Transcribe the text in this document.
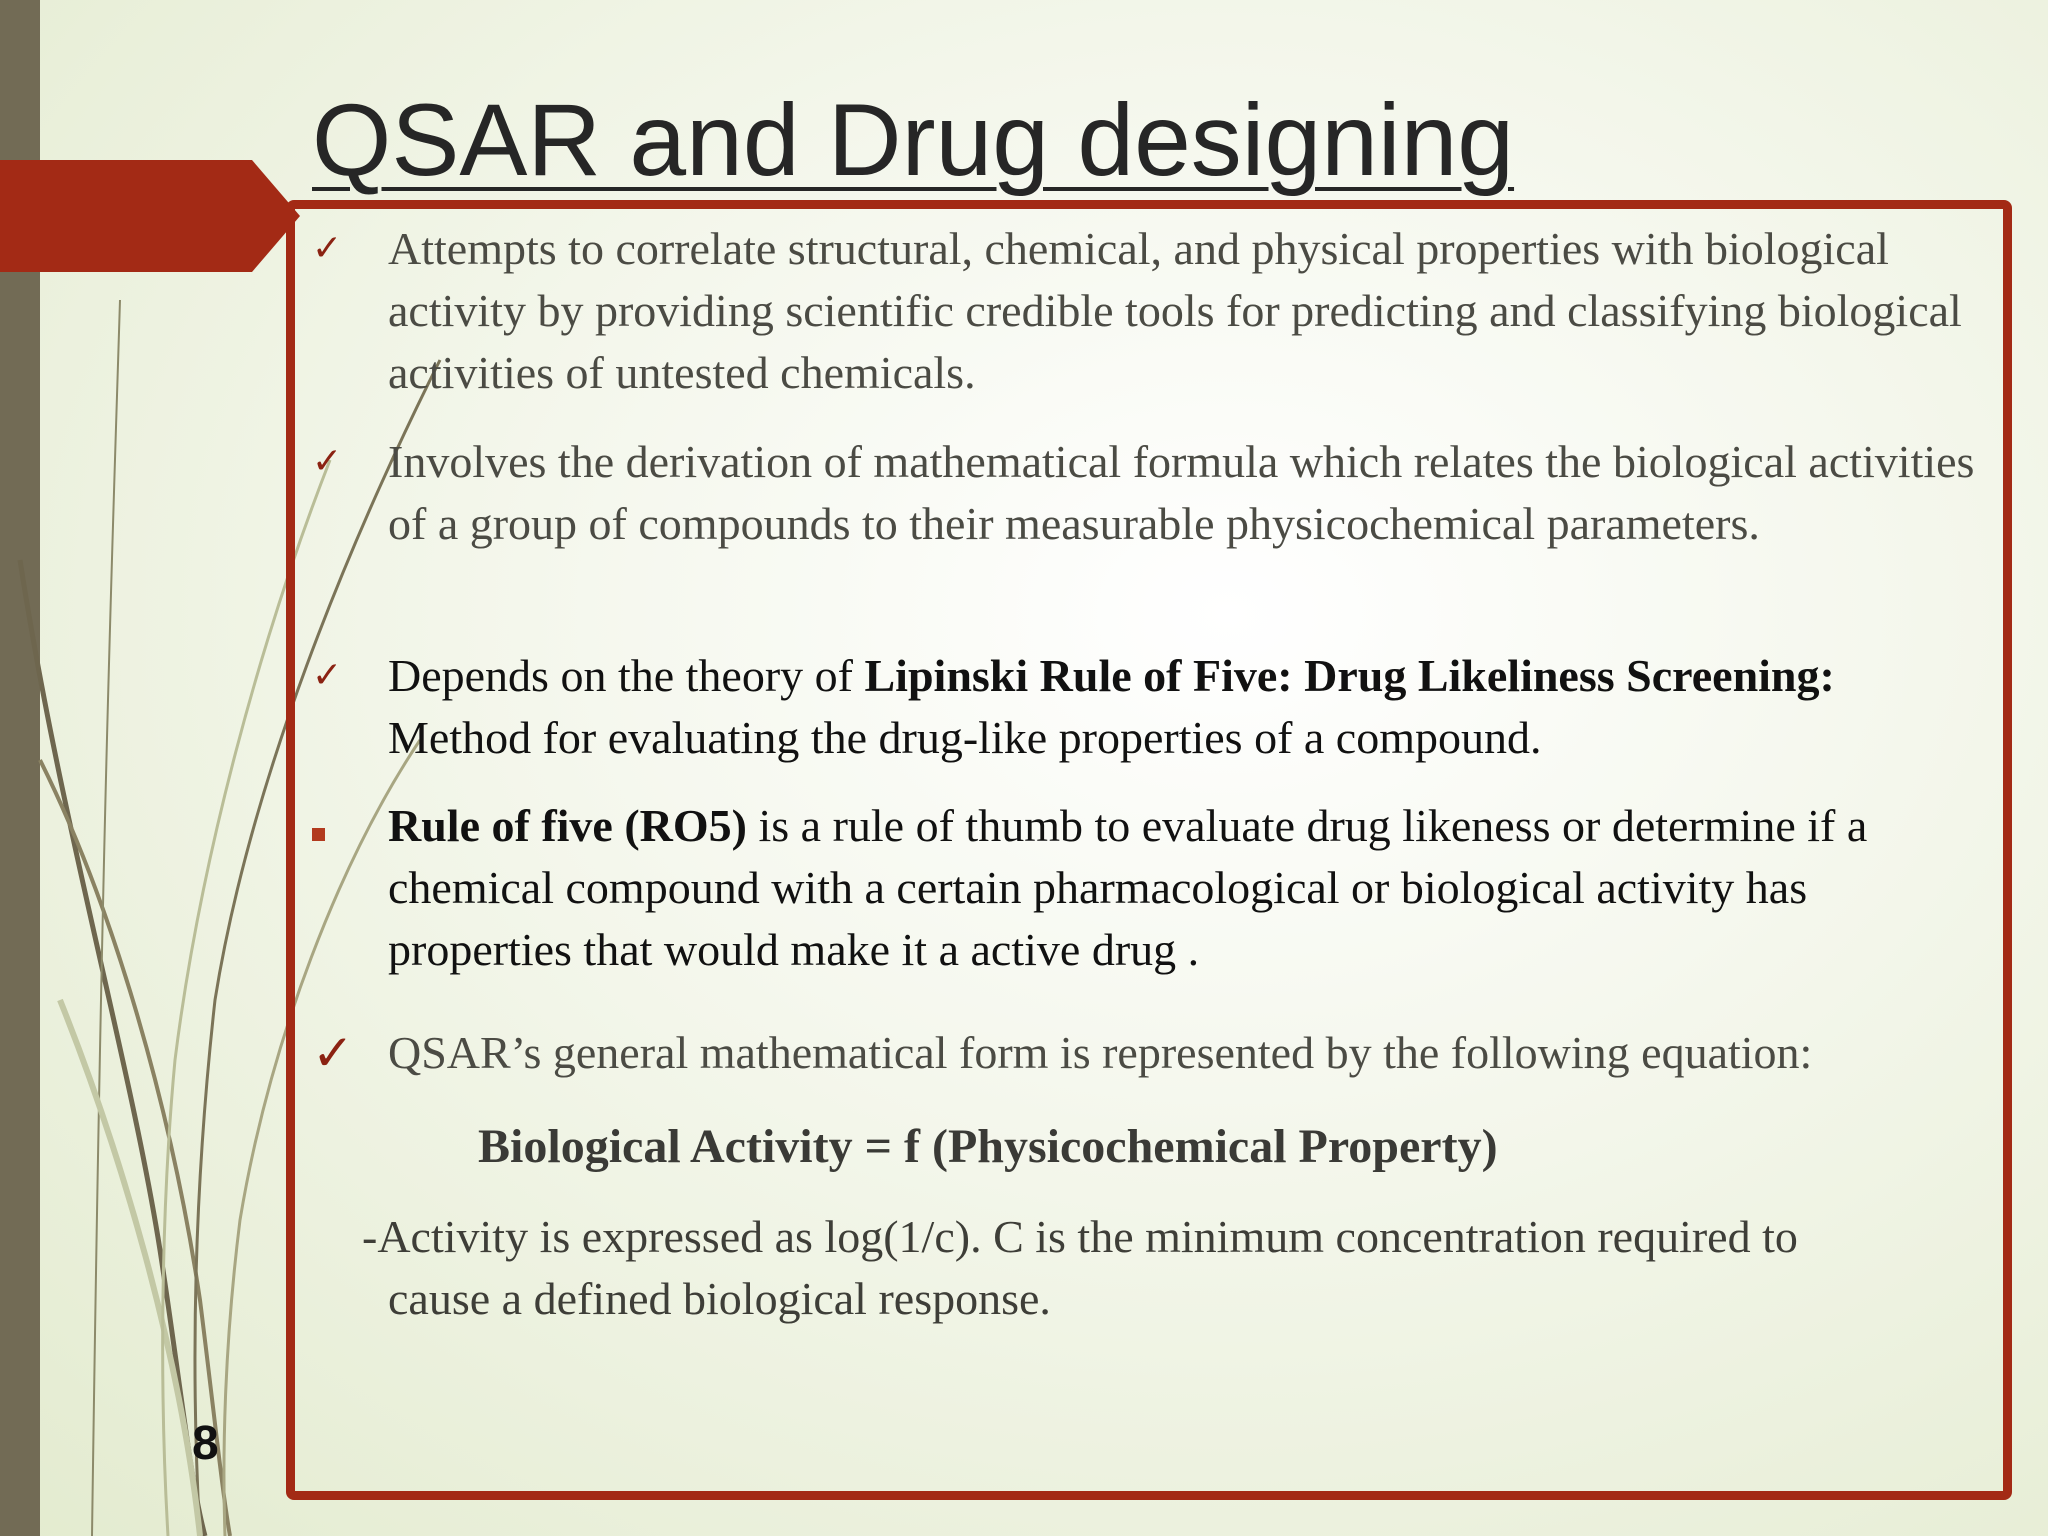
QSAR and Drug designing
✓ Attempts to correlate structural, chemical, and physical properties with biological activity by providing scientific credible tools for predicting and classifying biological activities of untested chemicals.
✓ Involves the derivation of mathematical formula which relates the biological activities of a group of compounds to their measurable physicochemical parameters.
✓ Depends on the theory of Lipinski Rule of Five: Drug Likeliness Screening: Method for evaluating the drug-like properties of a compound.
Rule of five (RO5) is a rule of thumb to evaluate drug likeness or determine if a chemical compound with a certain pharmacological or biological activity has properties that would make it a active drug .
✓ QSAR’s general mathematical form is represented by the following equation:
Biological Activity = f (Physicochemical Property)
-Activity is expressed as log(1/c). C is the minimum concentration required to
cause a defined biological response.
8
